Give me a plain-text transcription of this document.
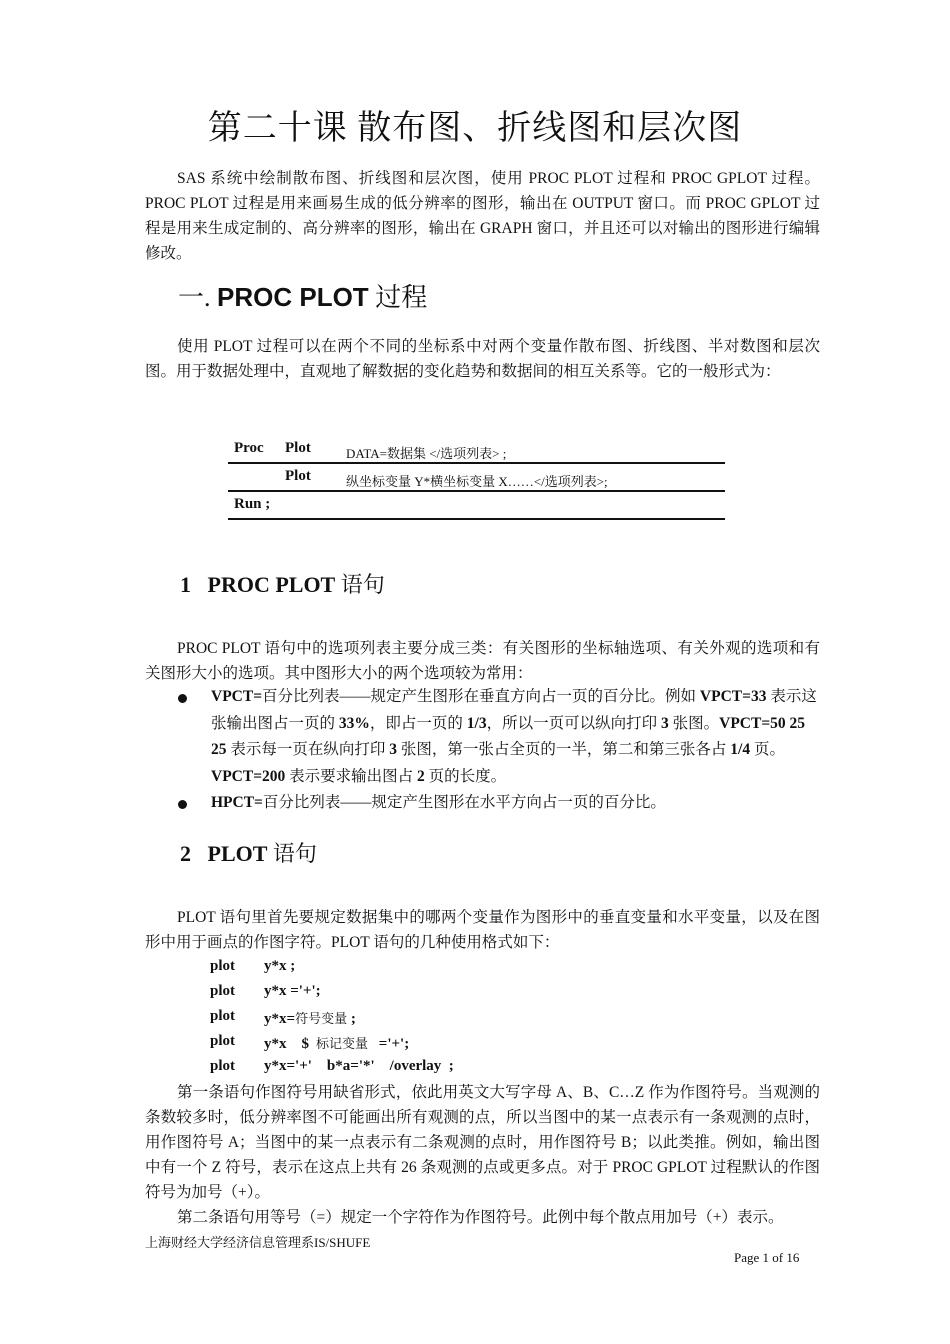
第二十课 散布图、折线图和层次图

SAS 系统中绘制散布图、折线图和层次图，使用 PROC PLOT 过程和 PROC GPLOT 过程。PROC PLOT 过程是用来画易生成的低分辨率的图形，输出在 OUTPUT 窗口。而 PROC GPLOT 过程是用来生成定制的、高分辨率的图形，输出在 GRAPH 窗口，并且还可以对输出的图形进行编辑修改。

一. PROC PLOT 过程

使用 PLOT 过程可以在两个不同的坐标系中对两个变量作散布图、折线图、半对数图和层次图。用于数据处理中，直观地了解数据的变化趋势和数据间的相互关系等。它的一般形式为：

Proc Plot	DATA=数据集 </选项列表> ;
Plot	纵坐标变量 Y*横坐标变量 X……</选项列表>;
Run ;
1 PROC PLOT 语句

PROC PLOT 语句中的选项列表主要分成三类：有关图形的坐标轴选项、有关外观的选项和有关图形大小的选项。其中图形大小的两个选项较为常用：

VPCT=百分比列表——规定产生图形在垂直方向占一页的百分比。例如 VPCT=33 表示这张输出图占一页的 33%，即占一页的 1/3，所以一页可以纵向打印 3 张图。VPCT=50 25 25 表示每一页在纵向打印 3 张图，第一张占全页的一半，第二和第三张各占 1/4 页。VPCT=200 表示要求输出图占 2 页的长度。
HPCT=百分比列表——规定产生图形在水平方向占一页的百分比。
2 PLOT 语句

PLOT 语句里首先要规定数据集中的哪两个变量作为图形中的垂直变量和水平变量，以及在图形中用于画点的作图字符。PLOT 语句的几种使用格式如下：

plot y*x ;
plot y*x ='+';
plot y*x=符号变量 ;
plot y*x    $  标记变量   ='+';
plot y*x='+'    b*a='*'    /overlay  ;

第一条语句作图符号用缺省形式，依此用英文大写字母 A、B、C…Z 作为作图符号。当观测的条数较多时，低分辨率图不可能画出所有观测的点，所以当图中的某一点表示有一条观测的点时，用作图符号 A；当图中的某一点表示有二条观测的点时，用作图符号 B；以此类推。例如，输出图中有一个 Z 符号，表示在这点上共有 26 条观测的点或更多点。对于 PROC GPLOT 过程默认的作图符号为加号（+）。

第二条语句用等号（=）规定一个字符作为作图符号。此例中每个散点用加号（+）表示。

上海财经大学经济信息管理系IS/SHUFE
Page 1 of 16
